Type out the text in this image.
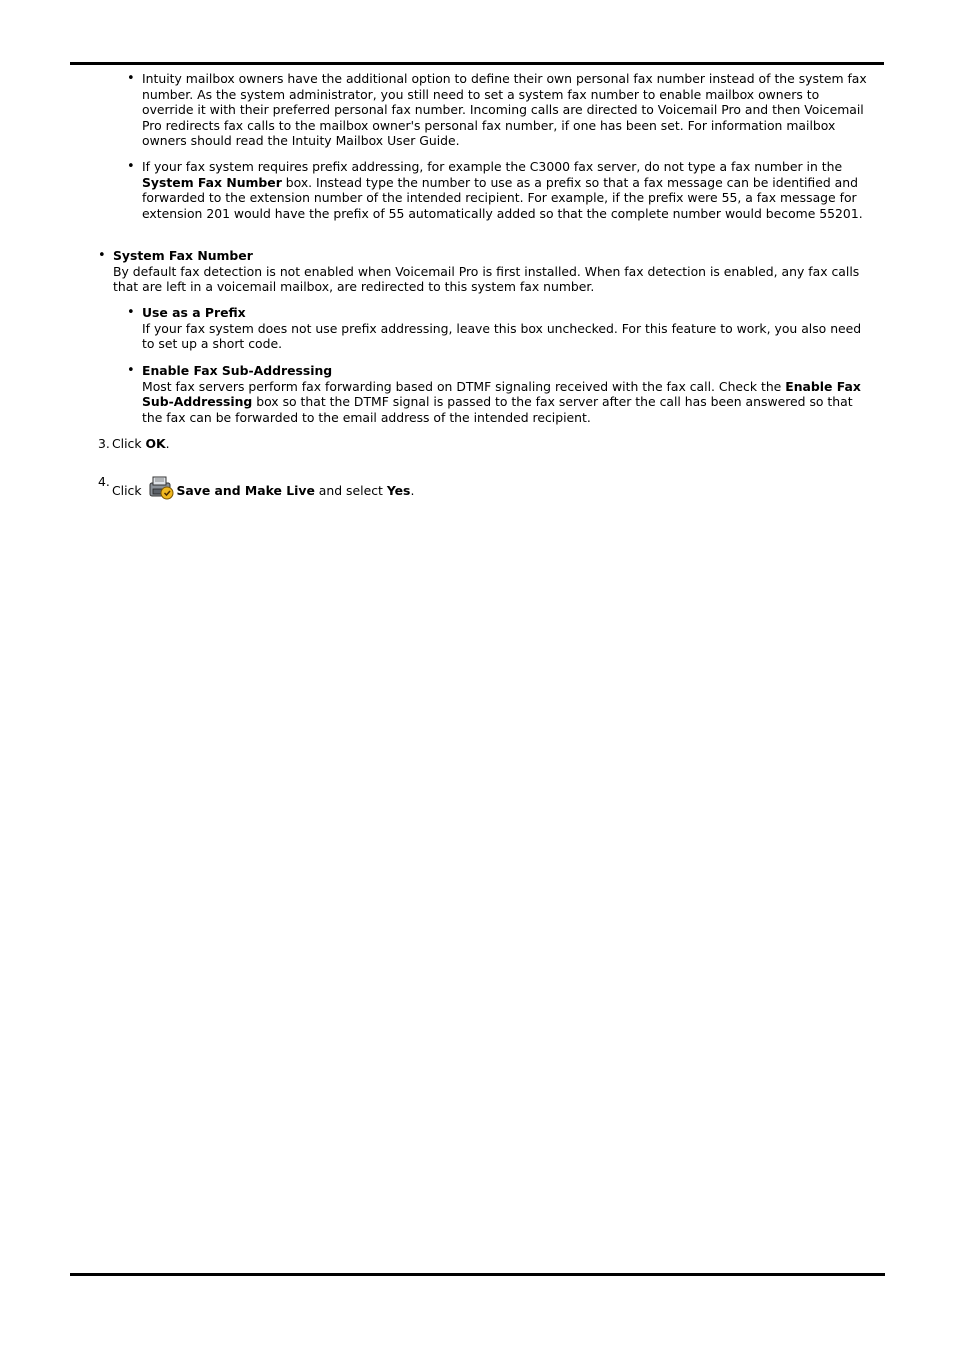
• Intuity mailbox owners have the additional option to define their own personal fax number instead of the system fax number. As the system administrator, you still need to set a system fax number to enable mailbox owners to override it with their preferred personal fax number. Incoming calls are directed to Voicemail Pro and then Voicemail Pro redirects fax calls to the mailbox owner's personal fax number, if one has been set. For information mailbox owners should read the Intuity Mailbox User Guide.

• If your fax system requires prefix addressing, for example the C3000 fax server, do not type a fax number in the System Fax Number box. Instead type the number to use as a prefix so that a fax message can be identified and forwarded to the extension number of the intended recipient. For example, if the prefix were 55, a fax message for extension 201 would have the prefix of 55 automatically added so that the complete number would become 55201.

• System Fax Number
By default fax detection is not enabled when Voicemail Pro is first installed. When fax detection is enabled, any fax calls that are left in a voicemail mailbox, are redirected to this system fax number.
• Use as a Prefix
If your fax system does not use prefix addressing, leave this box unchecked. For this feature to work, you also need to set up a short code.
• Enable Fax Sub-Addressing
Most fax servers perform fax forwarding based on DTMF signaling received with the fax call. Check the Enable Fax Sub-Addressing box so that the DTMF signal is passed to the fax server after the call has been answered so that the fax can be forwarded to the email address of the intended recipient.
3. Click OK.
4.
Click	Save and Make Live and select Yes.
